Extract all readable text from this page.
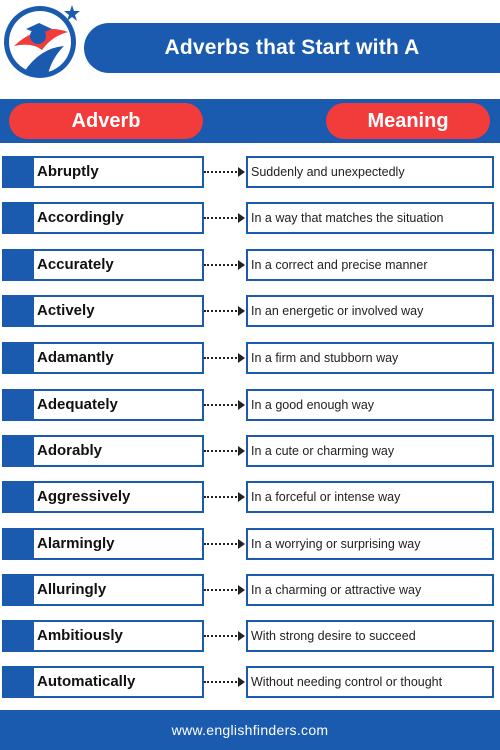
Adverbs that Start with A
Adverb	Meaning
Abruptly	Suddenly and unexpectedly
Accordingly	In a way that matches the situation
Accurately	In a correct and precise manner
Actively	In an energetic or involved way
Adamantly	In a firm and stubborn way
Adequately	In a good enough way
Adorably	In a cute or charming way
Aggressively	In a forceful or intense way
Alarmingly	In a worrying or surprising way
Alluringly	In a charming or attractive way
Ambitiously	With strong desire to succeed
Automatically	Without needing control or thought
www.englishfinders.com
